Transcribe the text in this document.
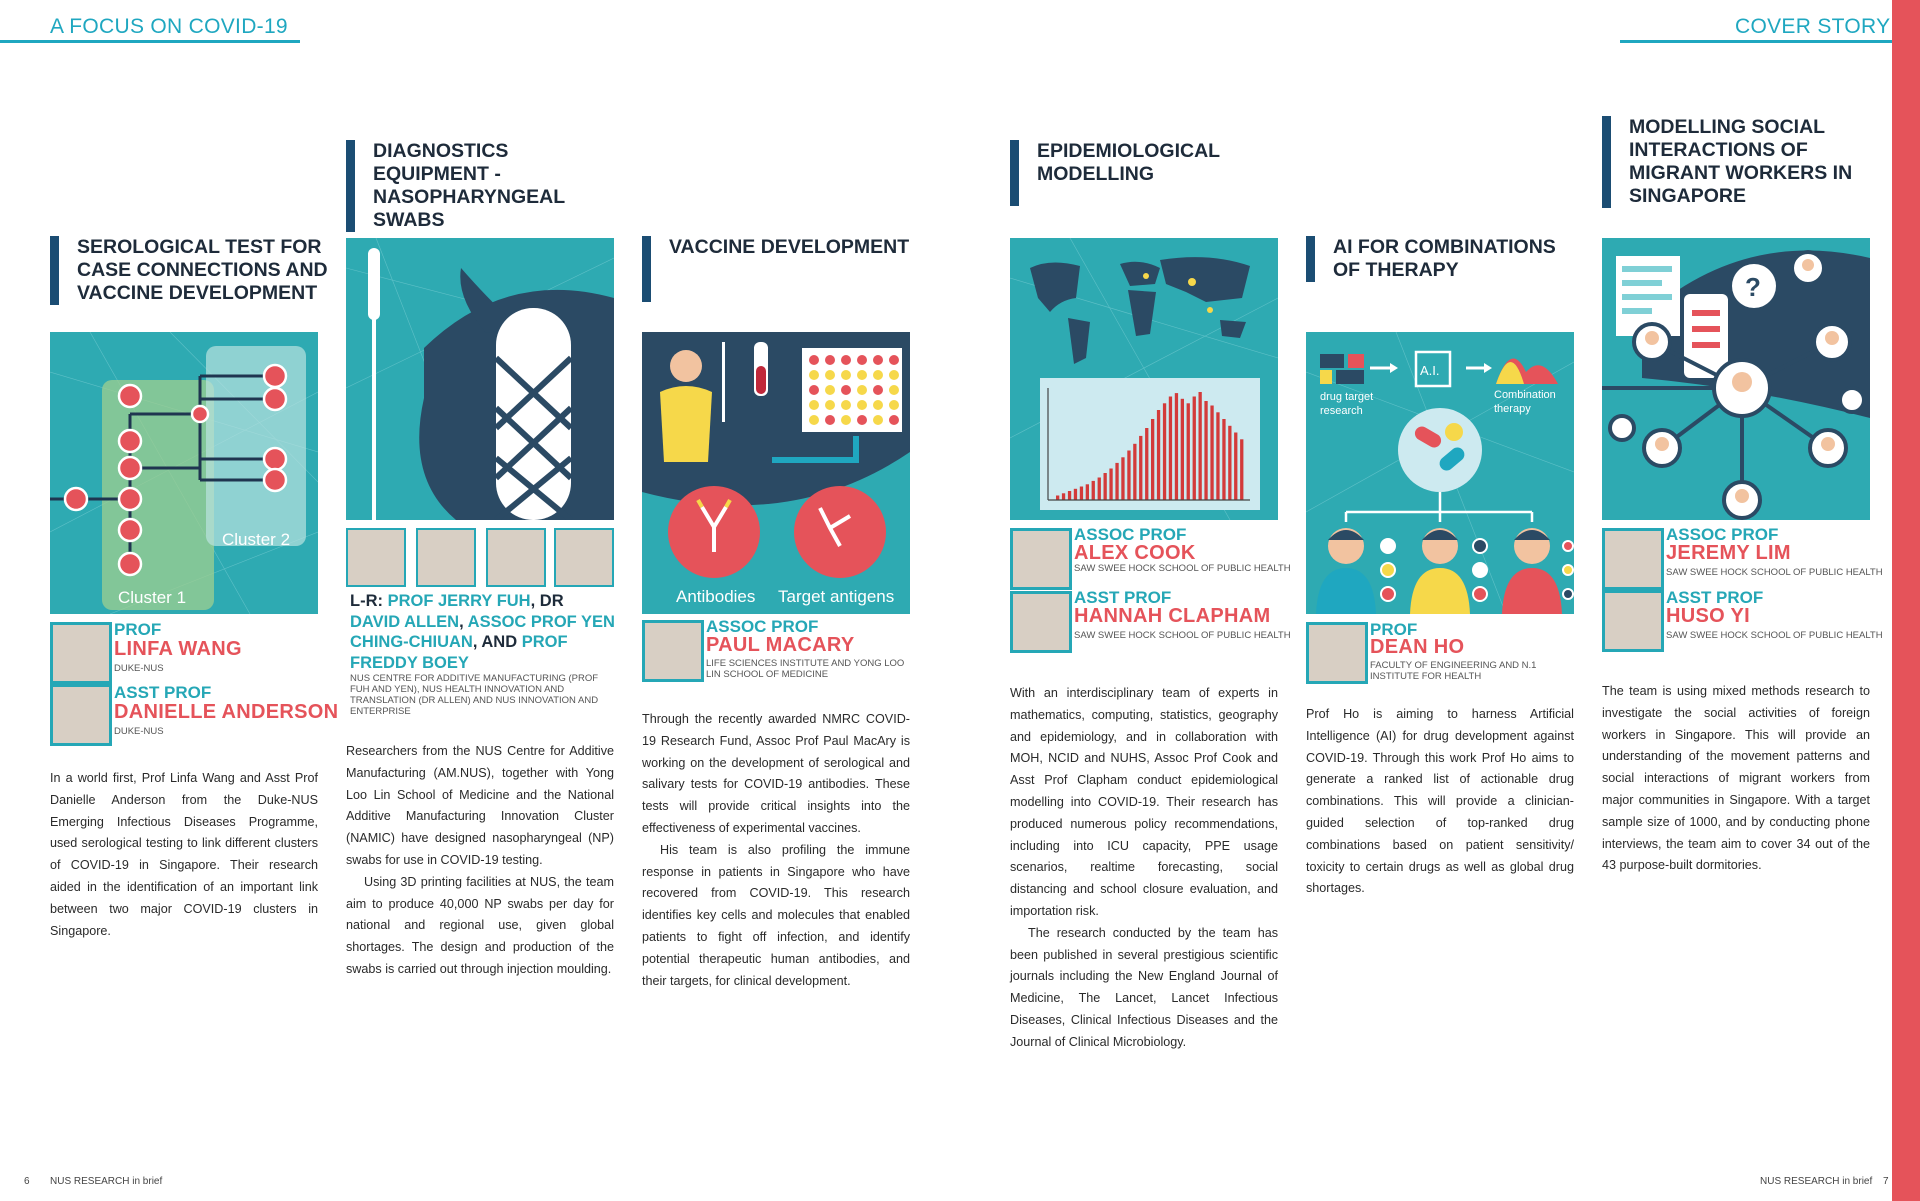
A FOCUS ON COVID-19	COVER STORY
SEROLOGICAL TEST FOR CASE CONNECTIONS AND VACCINE DEVELOPMENT
Cluster 1
Cluster 2
PROF
LINFA WANG
DUKE-NUS
ASST PROF
DANIELLE ANDERSON
DUKE-NUS

In a world first, Prof Linfa Wang and Asst Prof Danielle Anderson from the Duke-NUS Emerging Infectious Diseases Programme, used serological testing to link different clusters of COVID-19 in Singapore. Their research aided in the identification of an important link between two major COVID-19 clusters in Singapore.

DIAGNOSTICS EQUIPMENT - NASOPHARYNGEAL SWABS
L-R: PROF JERRY FUH, DR DAVID ALLEN, ASSOC PROF YEN CHING-CHIUAN, AND PROF FREDDY BOEY
NUS CENTRE FOR ADDITIVE MANUFACTURING (PROF FUH AND YEN), NUS HEALTH INNOVATION AND TRANSLATION (DR ALLEN) AND NUS INNOVATION AND ENTERPRISE

Researchers from the NUS Centre for Additive Manufacturing (AM.NUS), together with Yong Loo Lin School of Medicine and the National Additive Manufacturing Innovation Cluster (NAMIC) have designed nasopharyngeal (NP) swabs for use in COVID-19 testing.

Using 3D printing facilities at NUS, the team aim to produce 40,000 NP swabs per day for national and regional use, given global shortages. The design and production of the swabs is carried out through injection moulding.

VACCINE DEVELOPMENT
Antibodies Target antigens
ASSOC PROF
PAUL MACARY
LIFE SCIENCES INSTITUTE AND YONG LOO LIN SCHOOL OF MEDICINE

Through the recently awarded NMRC COVID-19 Research Fund, Assoc Prof Paul MacAry is working on the development of serological and salivary tests for COVID-19 antibodies. These tests will provide critical insights into the effectiveness of experimental vaccines.

His team is also profiling the immune response in patients in Singapore who have recovered from COVID-19. This research identifies key cells and molecules that enabled patients to fight off infection, and identify potential therapeutic human antibodies, and their targets, for clinical development.

EPIDEMIOLOGICAL MODELLING
ASSOC PROF
ALEX COOK
SAW SWEE HOCK SCHOOL OF PUBLIC HEALTH
ASST PROF
HANNAH CLAPHAM
SAW SWEE HOCK SCHOOL OF PUBLIC HEALTH

With an interdisciplinary team of experts in mathematics, computing, statistics, geography and epidemiology, and in collaboration with MOH, NCID and NUHS, Assoc Prof Cook and Asst Prof Clapham conduct epidemiological modelling into COVID-19. Their research has produced numerous policy recommendations, including into ICU capacity, PPE usage scenarios, realtime forecasting, social distancing and school closure evaluation, and importation risk.

The research conducted by the team has been published in several prestigious scientific journals including the New England Journal of Medicine, The Lancet, Lancet Infectious Diseases, Clinical Infectious Diseases and the Journal of Clinical Microbiology.

AI FOR COMBINATIONS OF THERAPY
A.I.
drug target
research
Combination
therapy
PROF
DEAN HO
FACULTY OF ENGINEERING AND N.1 INSTITUTE FOR HEALTH

Prof Ho is aiming to harness Artificial Intelligence (AI) for drug development against COVID-19. Through this work Prof Ho aims to generate a ranked list of actionable drug combinations. This will provide a clinician-guided selection of top-ranked drug combinations based on patient sensitivity/ toxicity to certain drugs as well as global drug shortages.

MODELLING SOCIAL INTERACTIONS OF MIGRANT WORKERS IN SINGAPORE
?
ASSOC PROF
JEREMY LIM
SAW SWEE HOCK SCHOOL OF PUBLIC HEALTH
ASST PROF
HUSO YI
SAW SWEE HOCK SCHOOL OF PUBLIC HEALTH

The team is using mixed methods research to investigate the social activities of foreign workers in Singapore. This will provide an understanding of the movement patterns and social interactions of migrant workers from major communities in Singapore. With a target sample size of 1000, and by conducting phone interviews, the team aim to cover 34 out of the 43 purpose-built dormitories.

6 NUS RESEARCH in brief	NUS RESEARCH in brief 7
